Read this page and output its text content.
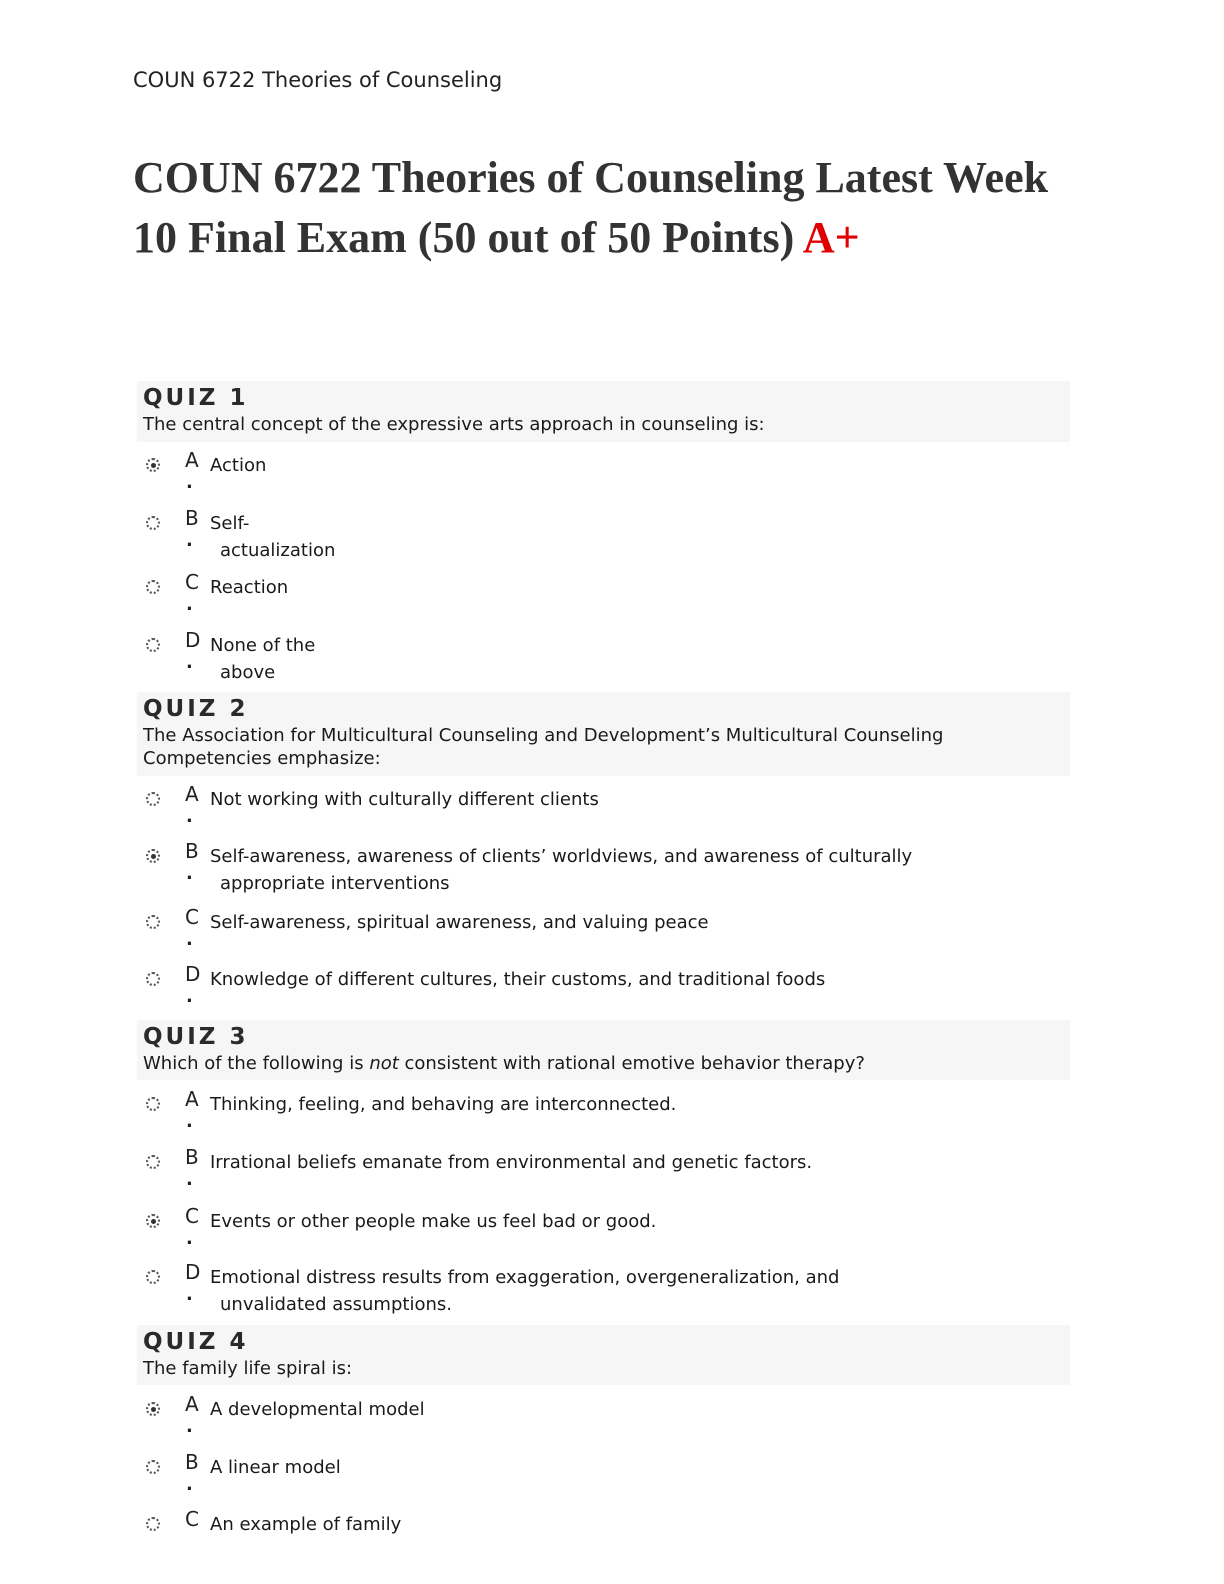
COUN 6722 Theories of Counseling
COUN 6722 Theories of Counseling Latest Week 10 Final Exam (50 out of 50 Points) A+
QUIZ 1
The central concept of the expressive arts approach in counseling is:
A
.
Action
B
.
Self-
actualization
C
.
Reaction
D
.
None of the
above
QUIZ 2
The Association for Multicultural Counseling and Development’s Multicultural Counseling Competencies emphasize:
A
.
Not working with culturally different clients
B
.
Self-awareness, awareness of clients’ worldviews, and awareness of culturally
appropriate interventions
C
.
Self-awareness, spiritual awareness, and valuing peace
D
.
Knowledge of different cultures, their customs, and traditional foods
QUIZ 3
Which of the following is not consistent with rational emotive behavior therapy?
A
.
Thinking, feeling, and behaving are interconnected.
B
.
Irrational beliefs emanate from environmental and genetic factors.
C
.
Events or other people make us feel bad or good.
D
.
Emotional distress results from exaggeration, overgeneralization, and
unvalidated assumptions.
QUIZ 4
The family life spiral is:
A
.
A developmental model
B
.
A linear model
C An example of family
